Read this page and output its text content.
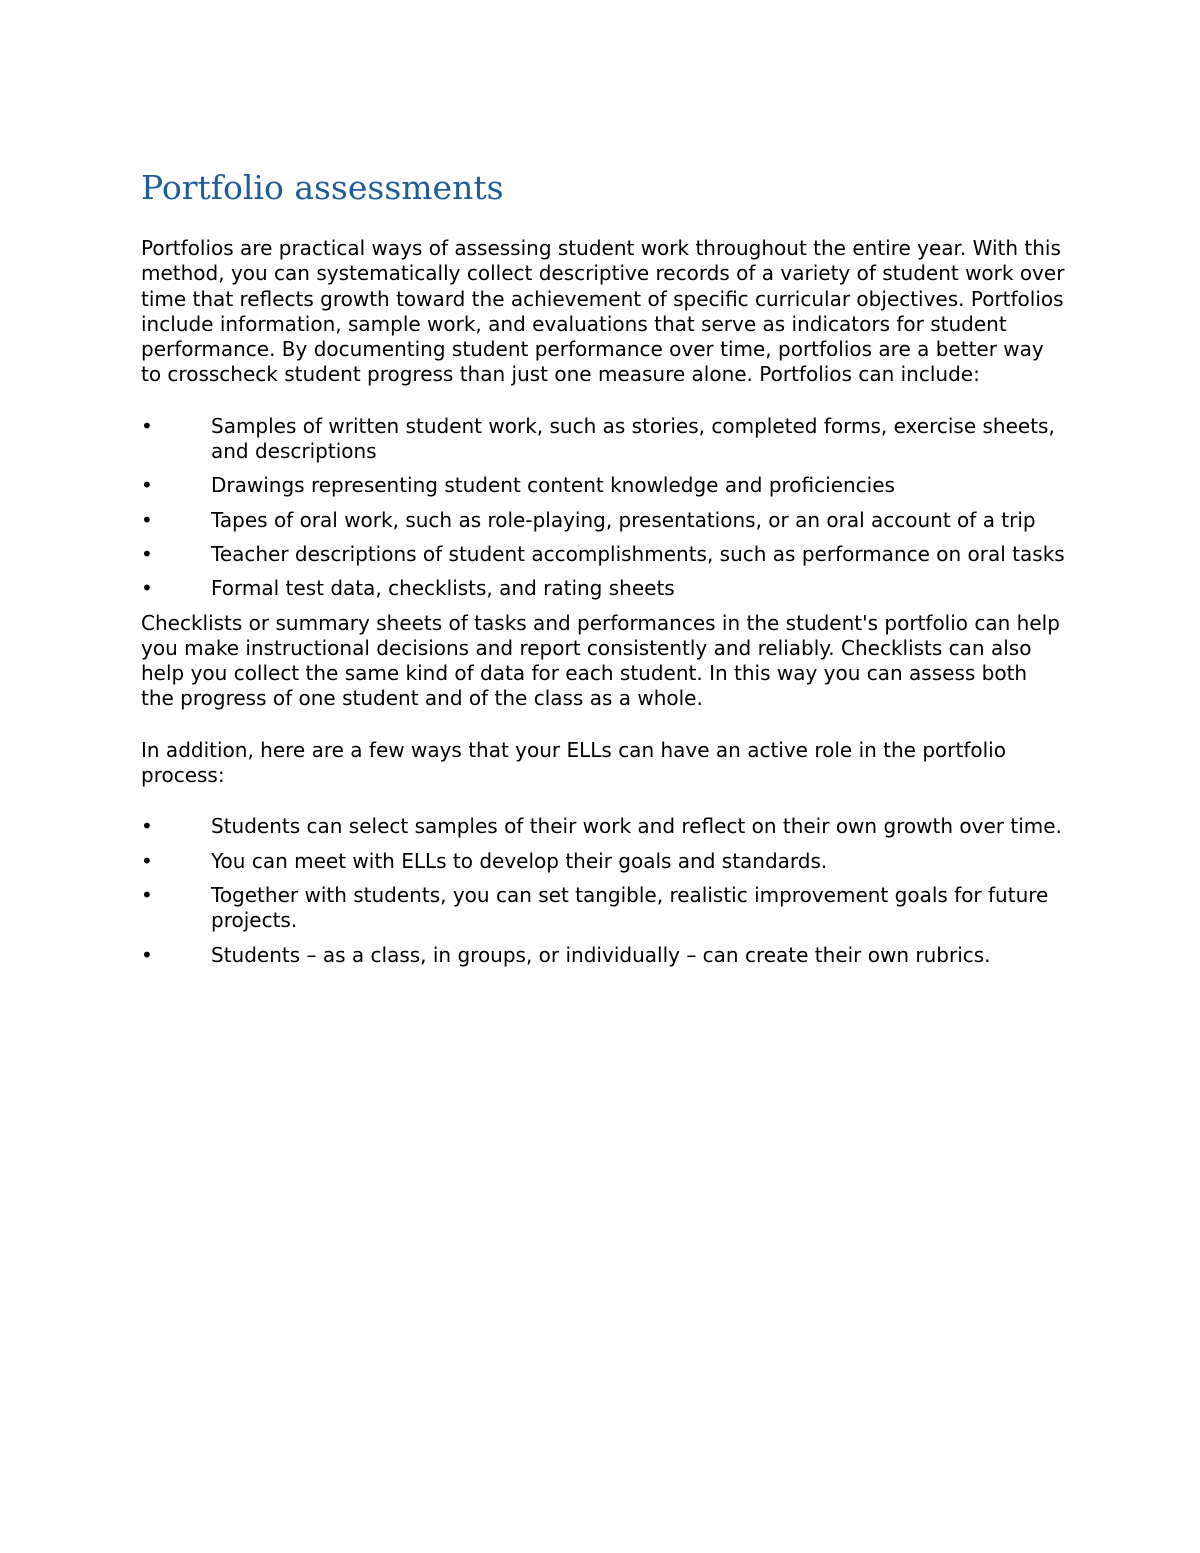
Portfolio assessments

Portfolios are practical ways of assessing student work throughout the entire year. With this method, you can systematically collect descriptive records of a variety of student work over time that reflects growth toward the achievement of specific curricular objectives. Portfolios include information, sample work, and evaluations that serve as indicators for student performance. By documenting student performance over time, portfolios are a better way to crosscheck student progress than just one measure alone. Portfolios can include:

•	Samples of written student work, such as stories, completed forms, exercise sheets, and descriptions
•	Drawings representing student content knowledge and proficiencies
•	Tapes of oral work, such as role-playing, presentations, or an oral account of a trip
•	Teacher descriptions of student accomplishments, such as performance on oral tasks
•	Formal test data, checklists, and rating sheets

Checklists or summary sheets of tasks and performances in the student's portfolio can help you make instructional decisions and report consistently and reliably. Checklists can also help you collect the same kind of data for each student. In this way you can assess both the progress of one student and of the class as a whole.

In addition, here are a few ways that your ELLs can have an active role in the portfolio process:

•	Students can select samples of their work and reflect on their own growth over time.
•	You can meet with ELLs to develop their goals and standards.
•	Together with students, you can set tangible, realistic improvement goals for future projects.
•	Students – as a class, in groups, or individually – can create their own rubrics.
